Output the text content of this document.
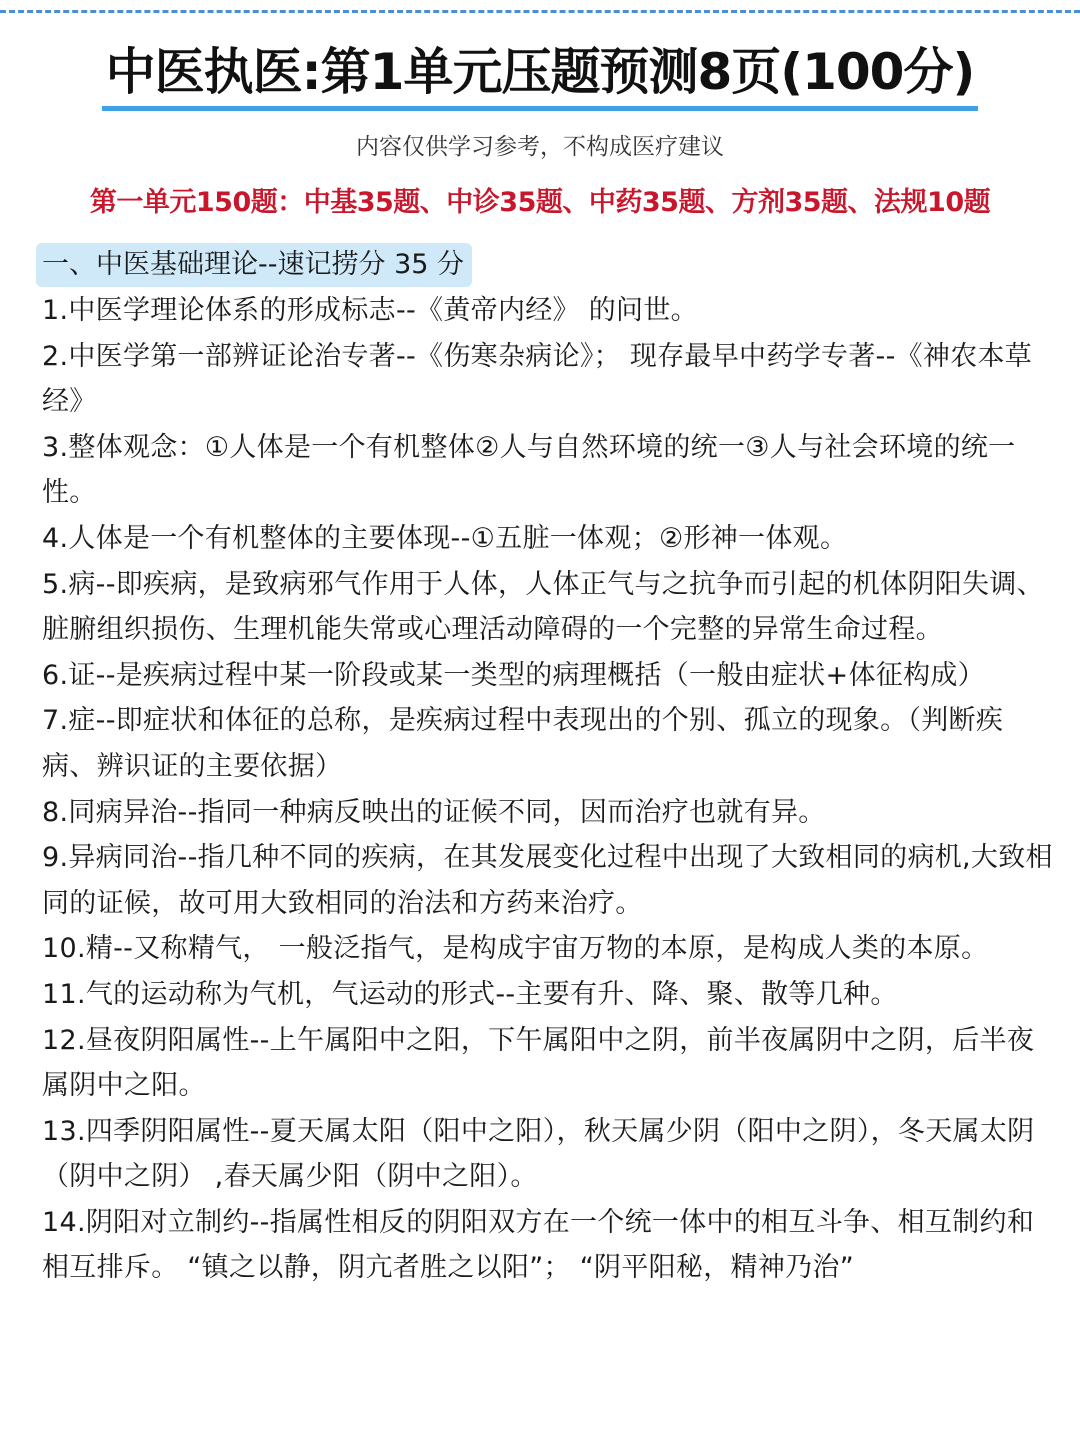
中医执医:第1单元压题预测8页(100分)
内容仅供学习参考，不构成医疗建议
第一单元150题：中基35题、中诊35题、中药35题、方剂35题、法规10题
一、中医基础理论--速记捞分 35 分

1.中医学理论体系的形成标志--《黄帝内经》 的问世。

2.中医学第一部辨证论治专著--《伤寒杂病论》； 现存最早中药学专著--《神农本草经》

3.整体观念：①人体是一个有机整体②人与自然环境的统一③人与社会环境的统一性。

4.人体是一个有机整体的主要体现--①五脏一体观；②形神一体观。

5.病--即疾病，是致病邪气作用于人体，人体正气与之抗争而引起的机体阴阳失调、脏腑组织损伤、生理机能失常或心理活动障碍的一个完整的异常生命过程。

6.证--是疾病过程中某一阶段或某一类型的病理概括（一般由症状+体征构成）

7.症--即症状和体征的总称，是疾病过程中表现出的个别、孤立的现象。（判断疾病、辨识证的主要依据）

8.同病异治--指同一种病反映出的证候不同，因而治疗也就有异。

9.异病同治--指几种不同的疾病，在其发展变化过程中出现了大致相同的病机,大致相同的证候，故可用大致相同的治法和方药来治疗。

10.精--又称精气， 一般泛指气，是构成宇宙万物的本原，是构成人类的本原。

11.气的运动称为气机，气运动的形式--主要有升、降、聚、散等几种。

12.昼夜阴阳属性--上午属阳中之阳，下午属阳中之阴，前半夜属阴中之阴，后半夜属阴中之阳。

13.四季阴阳属性--夏天属太阳（阳中之阳），秋天属少阴（阳中之阴），冬天属太阴（阴中之阴） ,春天属少阳（阴中之阳）。

14.阴阳对立制约--指属性相反的阴阳双方在一个统一体中的相互斗争、相互制约和相互排斥。 “镇之以静，阴亢者胜之以阳”； “阴平阳秘，精神乃治”
